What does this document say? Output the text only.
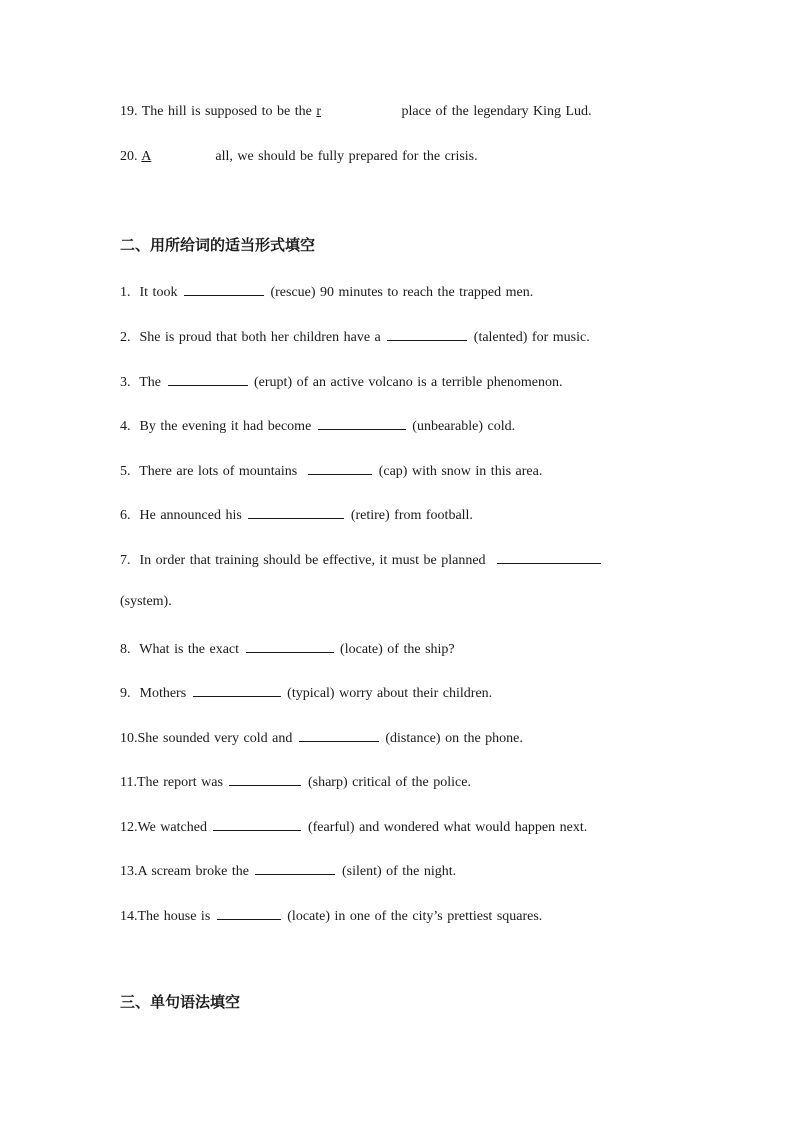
19. The hill is supposed to be the r	place of the legendary King Lud.
20. A	all, we should be fully prepared for the crisis.
二、用所给词的适当形式填空
1. It took	(rescue) 90 minutes to reach the trapped men.
2. She is proud that both her children have a	(talented) for music.
3. The	(erupt) of an active volcano is a terrible phenomenon.
4. By the evening it had become	(unbearable) cold.
5. There are lots of mountains	(cap) with snow in this area.
6. He announced his	(retire) from football.
7. In order that training should be effective, it must be planned
(system).
8. What is the exact	(locate) of the ship?
9. Mothers	(typical) worry about their children.
10.She sounded very cold and	(distance) on the phone.
11.The report was	(sharp) critical of the police.
12.We watched	(fearful) and wondered what would happen next.
13.A scream broke the	(silent) of the night.
14.The house is	(locate) in one of the city’s prettiest squares.
三、单句语法填空
